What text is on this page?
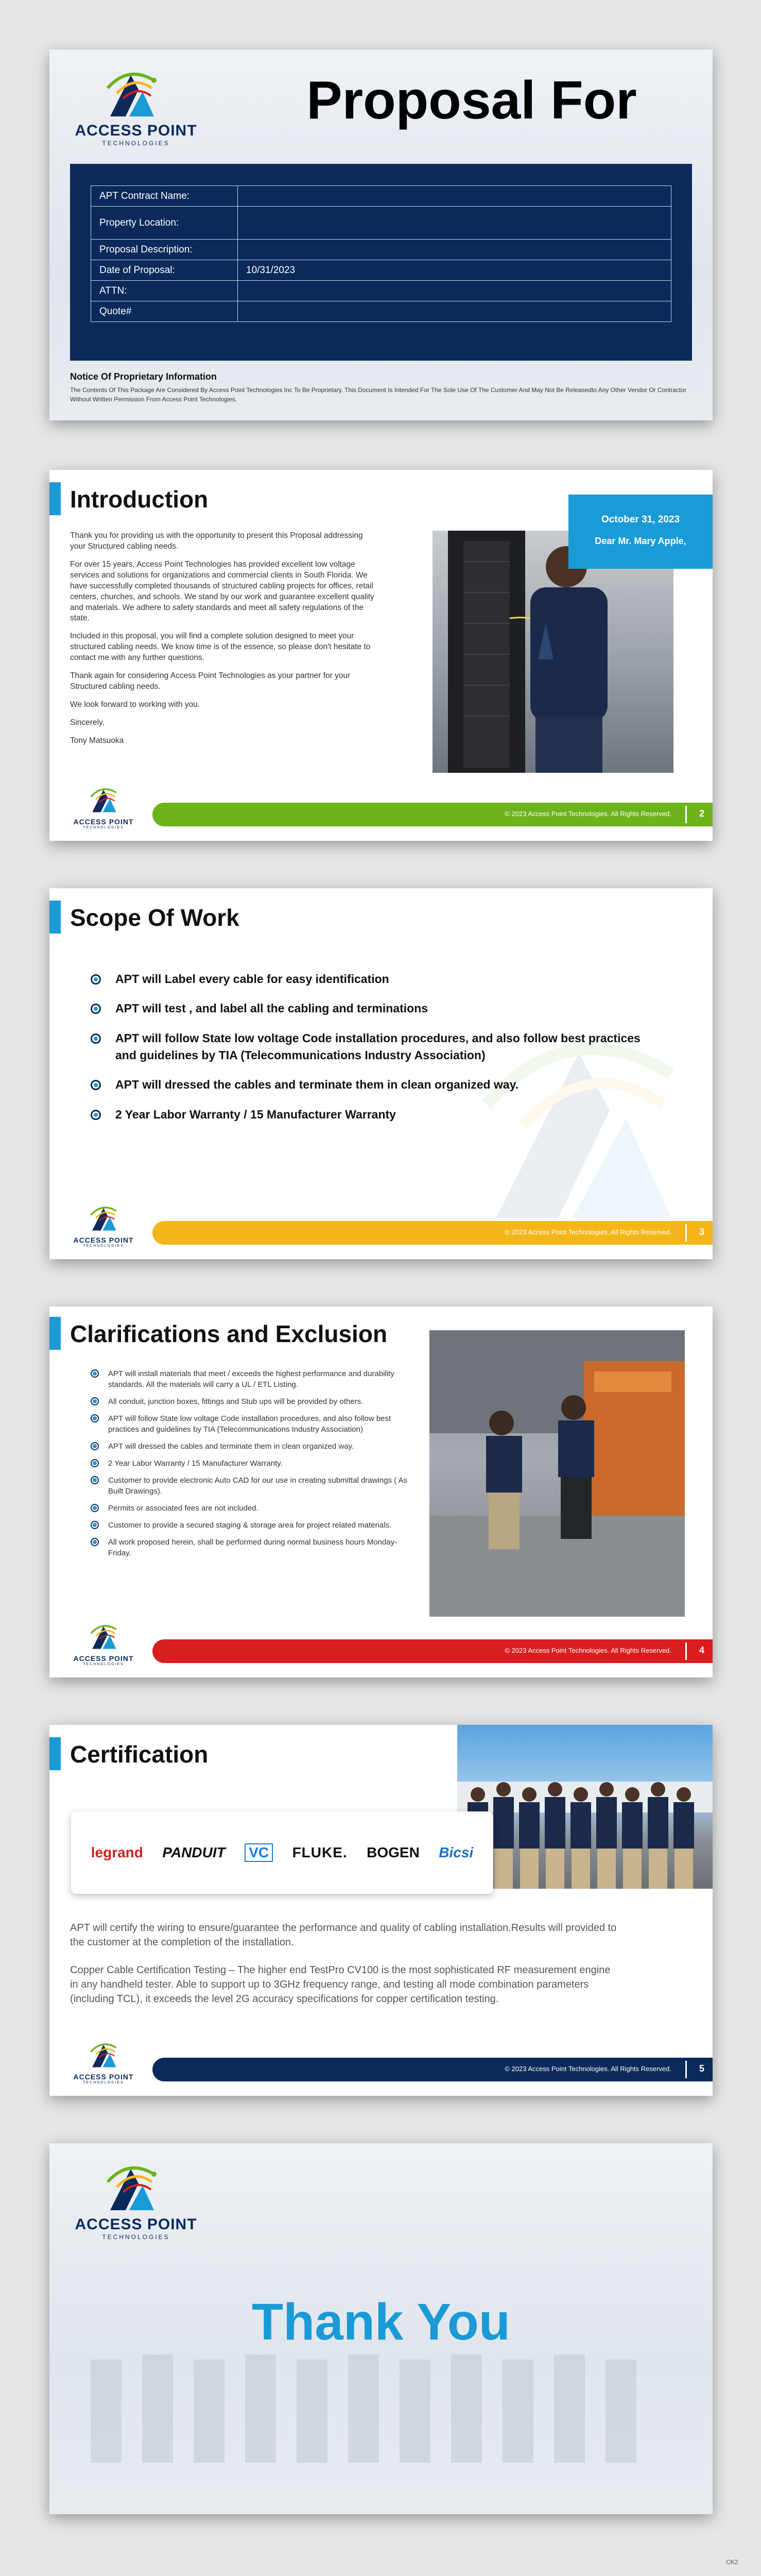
ACCESS POINT
TECHNOLOGIES
Proposal For
APT Contract Name:	
Property Location:	
Proposal Description:	
Date of Proposal:	10/31/2023
ATTN:	
Quote#	
Notice Of Proprietary Information
The Contents Of This Package Are Considered By Access Point Technologies Inc To Be Proprietary. This Document Is Intended For The Sole Use Of The Customer And May Not Be Releasedto Any Other Vendor Or Contractor Without Written Permission From Access Point Technologies.
Introduction

Thank you for providing us with the opportunity to present this Proposal addressing your Structured cabling needs.

For over 15 years, Access Point Technologies has provided excellent low voltage services and solutions for organizations and commercial clients in South Florida. We have successfully completed thousands of structured cabling projects for offices, retail centers, churches, and schools. We stand by our work and guarantee excellent quality and materials. We adhere to safety standards and meet all safety regulations of the state.

Included in this proposal, you will find a complete solution designed to meet your structured cabling needs. We know time is of the essence, so please don't hesitate to contact me with any further questions.

Thank again for considering Access Point Technologies as your partner for your Structured cabling needs.

We look forward to working with you.

Sincerely,

Tony Matsuoka

October 31, 2023
Dear Mr. Mary Apple,
ACCESS POINT
TECHNOLOGIES
© 2023 Access Point Technologies. All Rights Reserved.	2
Scope Of Work
APT will Label every cable for easy identification
APT will test , and label all the cabling and terminations
APT will follow State low voltage Code installation procedures, and also follow best practices and guidelines by TIA (Telecommunications Industry Association)
APT will dressed the cables and terminate them in clean organized way.
2 Year Labor Warranty / 15 Manufacturer Warranty
ACCESS POINT
TECHNOLOGIES
© 2023 Access Point Technologies. All Rights Reserved.	3
Clarifications and Exclusion
APT will install materials that meet / exceeds the highest performance and durability standards. All the materials will carry a UL / ETL Listing.
All conduit, junction boxes, fittings and Stub ups will be provided by others.
APT will follow State low voltage Code installation procedures, and also follow best practices and guidelines by TIA (Telecommunications Industry Association)
APT will dressed the cables and terminate them in clean organized way.
2 Year Labor Warranty / 15 Manufacturer Warranty.
Customer to provide electronic Auto CAD for our use in creating submittal drawings ( As Built Drawings).
Permits or associated fees are not included.
Customer to provide a secured staging & storage area for project related materials.
All work proposed herein, shall be performed during normal business hours Monday- Friday.
ACCESS POINT
TECHNOLOGIES
© 2023 Access Point Technologies. All Rights Reserved.	4
Certification
legrand PANDUIT VC FLUKE. BOGEN Bicsi

APT will certify the wiring to ensure/guarantee the performance and quality of cabling installation.Results will provided to the customer at the completion of the installation.

Copper Cable Certification Testing – The higher end TestPro CV100 is the most sophisticated RF measurement engine in any handheld tester. Able to support up to 3GHz frequency range, and testing all mode combination parameters (including TCL), it exceeds the level 2G accuracy specifications for copper certification testing.

ACCESS POINT
TECHNOLOGIES
© 2023 Access Point Technologies. All Rights Reserved.	5
ACCESS POINT
TECHNOLOGIES
Thank You
CK2
